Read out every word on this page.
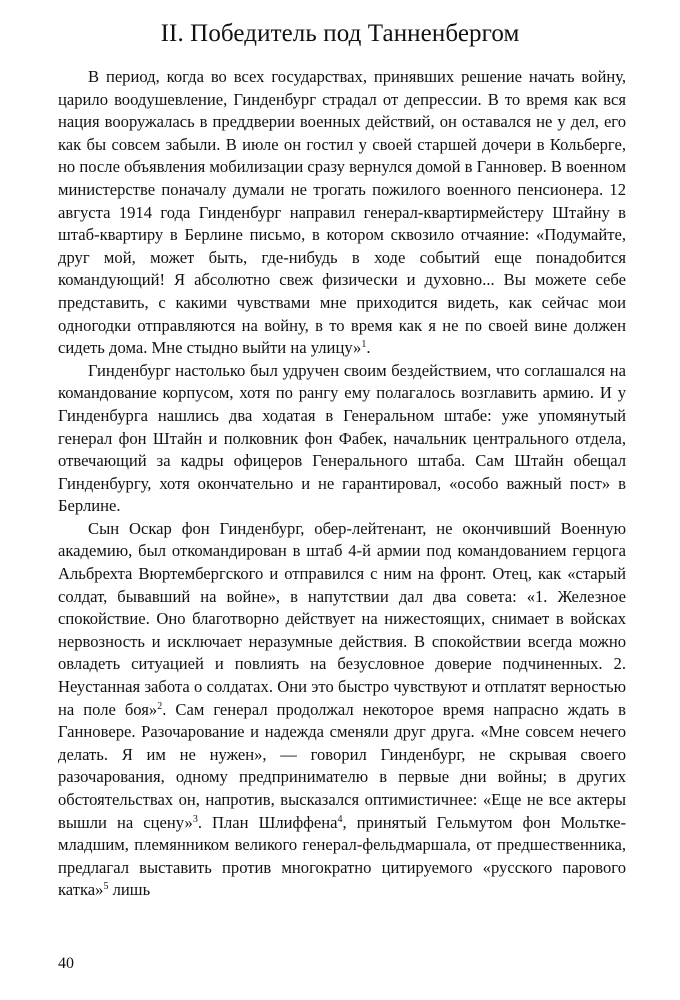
II. Победитель под Танненбергом

В период, когда во всех государствах, принявших решение начать войну, царило воодушевление, Гинденбург страдал от депрессии. В то время как вся нация вооружалась в преддверии военных действий, он оставался не у дел, его как бы совсем забыли. В июле он гостил у своей старшей дочери в Кольберге, но после объявления мобилизации сразу вернулся домой в Ганновер. В военном министерстве поначалу думали не трогать пожилого военного пенсионера. 12 августа 1914 года Гинденбург направил генерал-квартирмейстеру Штайну в штаб-квартиру в Берлине письмо, в котором сквозило отчаяние: «Подумайте, друг мой, может быть, где-нибудь в ходе событий еще понадобится командующий! Я абсолютно свеж физически и духовно... Вы можете себе представить, с какими чувствами мне приходится видеть, как сейчас мои одногодки отправляются на войну, в то время как я не по своей вине должен сидеть дома. Мне стыдно выйти на улицу»$^1$.

Гинденбург настолько был удручен своим бездействием, что соглашался на командование корпусом, хотя по рангу ему полагалось возглавить армию. И у Гинденбурга нашлись два ходатая в Генеральном штабе: уже упомянутый генерал фон Штайн и полковник фон Фабек, начальник центрального отдела, отвечающий за кадры офицеров Генерального штаба. Сам Штайн обещал Гинденбургу, хотя окончательно и не гарантировал, «особо важный пост» в Берлине.

Сын Оскар фон Гинденбург, обер-лейтенант, не окончивший Военную академию, был откомандирован в штаб 4-й армии под командованием герцога Альбрехта Вюртембергского и отправился с ним на фронт. Отец, как «старый солдат, бывавший на войне», в напутствии дал два совета: «1. Железное спокойствие. Оно благотворно действует на нижестоящих, снимает в войсках нервозность и исключает неразумные действия. В спокойствии всегда можно овладеть ситуацией и повлиять на безусловное доверие подчиненных. 2. Неустанная забота о солдатах. Они это быстро чувствуют и отплатят верностью на поле боя»$^2$. Сам генерал продолжал некоторое время напрасно ждать в Ганновере. Разочарование и надежда сменяли друг друга. «Мне совсем нечего делать. Я им не нужен», — говорил Гинденбург, не скрывая своего разочарования, одному предпринимателю в первые дни войны; в других обстоятельствах он, напротив, высказался оптимистичнее: «Еще не все актеры вышли на сцену»$^3$. План Шлиффена$^4$, принятый Гельмутом фон Мольтке-младшим, племянником великого генерал-фельдмаршала, от предшественника, предлагал выставить против многократно цитируемого «русского парового катка»$^5$ лишь

40
